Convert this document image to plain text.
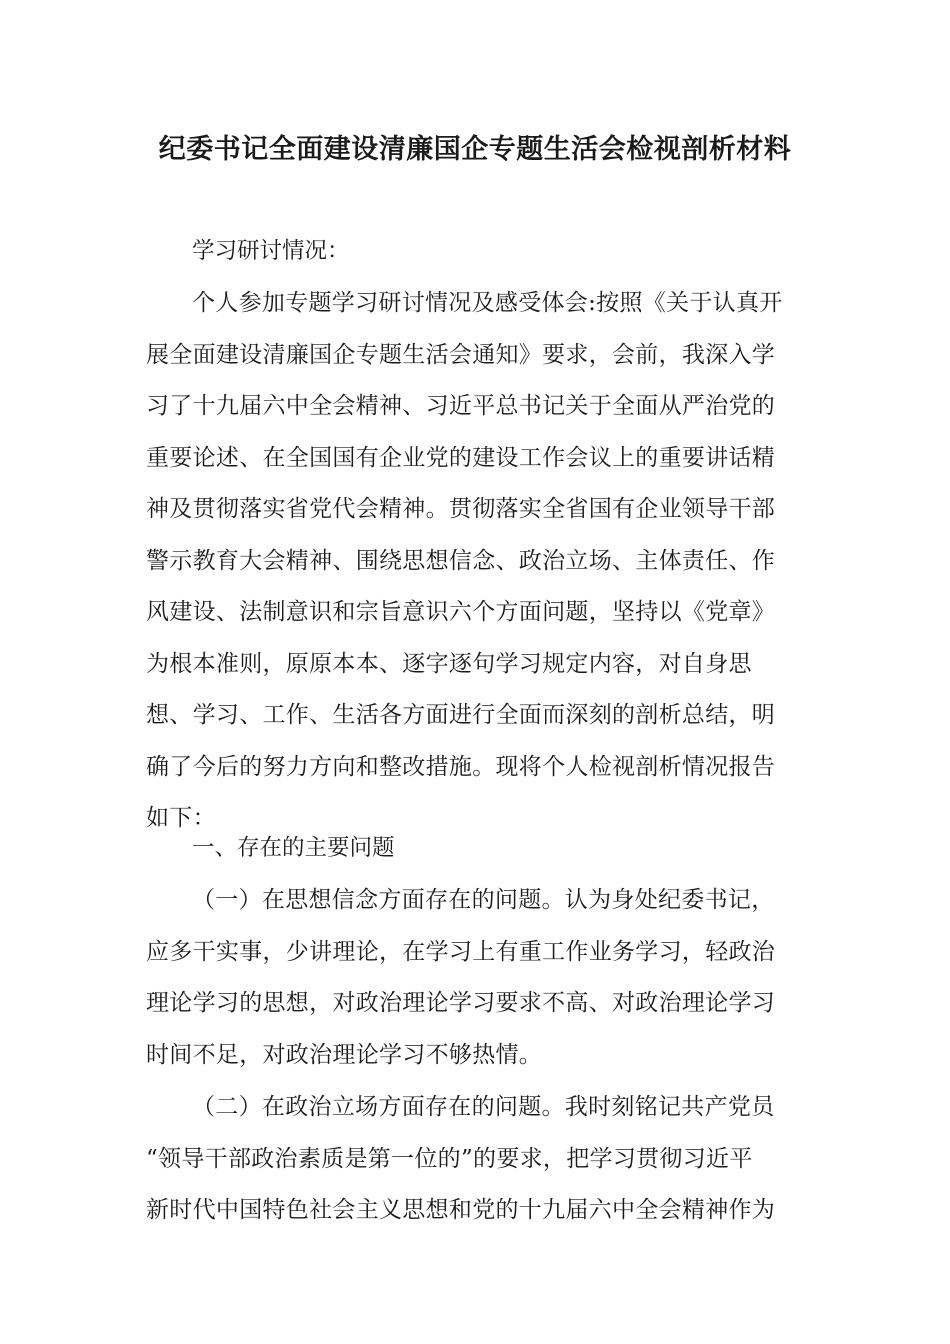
纪委书记全面建设清廉国企专题生活会检视剖析材料
学习研讨情况：

个人参加专题学习研讨情况及感受体会:按照《关于认真开
展全面建设清廉国企专题生活会通知》要求，会前，我深入学
习了十九届六中全会精神、习近平总书记关于全面从严治党的
重要论述、在全国国有企业党的建设工作会议上的重要讲话精
神及贯彻落实省党代会精神。贯彻落实全省国有企业领导干部
警示教育大会精神、围绕思想信念、政治立场、主体责任、作
风建设、法制意识和宗旨意识六个方面问题，坚持以《党章》
为根本准则，原原本本、逐字逐句学习规定内容，对自身思
想、学习、工作、生活各方面进行全面而深刻的剖析总结，明
确了今后的努力方向和整改措施。现将个人检视剖析情况报告
如下：

一、存在的主要问题

（一）在思想信念方面存在的问题。认为身处纪委书记，
应多干实事，少讲理论，在学习上有重工作业务学习，轻政治
理论学习的思想，对政治理论学习要求不高、对政治理论学习
时间不足，对政治理论学习不够热情。

（二）在政治立场方面存在的问题。我时刻铭记共产党员
“领导干部政治素质是第一位的”的要求，把学习贯彻习近平
新时代中国特色社会主义思想和党的十九届六中全会精神作为
